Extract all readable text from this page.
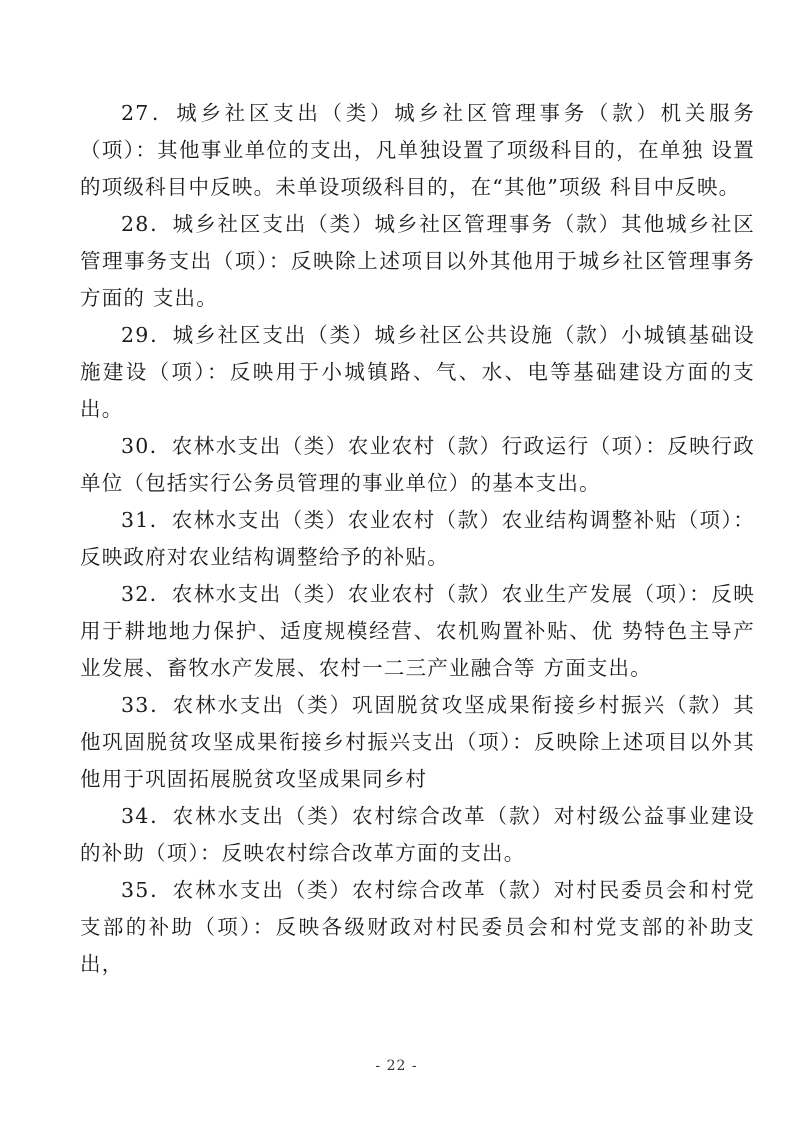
27．城乡社区支出（类）城乡社区管理事务（款）机关服务（项）：其他事业单位的支出，凡单独设置了项级科目的，在单独 设置的项级科目中反映。未单设项级科目的，在“其他”项级 科目中反映。

28．城乡社区支出（类）城乡社区管理事务（款）其他城乡社区管理事务支出（项）：反映除上述项目以外其他用于城乡社区管理事务方面的 支出。

29．城乡社区支出（类）城乡社区公共设施（款）小城镇基础设施建设（项）：反映用于小城镇路、气、水、电等基础建设方面的支出。

30．农林水支出（类）农业农村（款）行政运行（项）：反映行政单位（包括实行公务员管理的事业单位）的基本支出。

31．农林水支出（类）农业农村（款）农业结构调整补贴（项）：反映政府对农业结构调整给予的补贴。

32．农林水支出（类）农业农村（款）农业生产发展（项）：反映用于耕地地力保护、适度规模经营、农机购置补贴、优 势特色主导产业发展、畜牧水产发展、农村一二三产业融合等 方面支出。

33．农林水支出（类）巩固脱贫攻坚成果衔接乡村振兴（款）其他巩固脱贫攻坚成果衔接乡村振兴支出（项）：反映除上述项目以外其他用于巩固拓展脱贫攻坚成果同乡村

34．农林水支出（类）农村综合改革（款）对村级公益事业建设的补助（项）：反映农村综合改革方面的支出。

35．农林水支出（类）农村综合改革（款）对村民委员会和村党支部的补助（项）：反映各级财政对村民委员会和村党支部的补助支出，

- 22 -
